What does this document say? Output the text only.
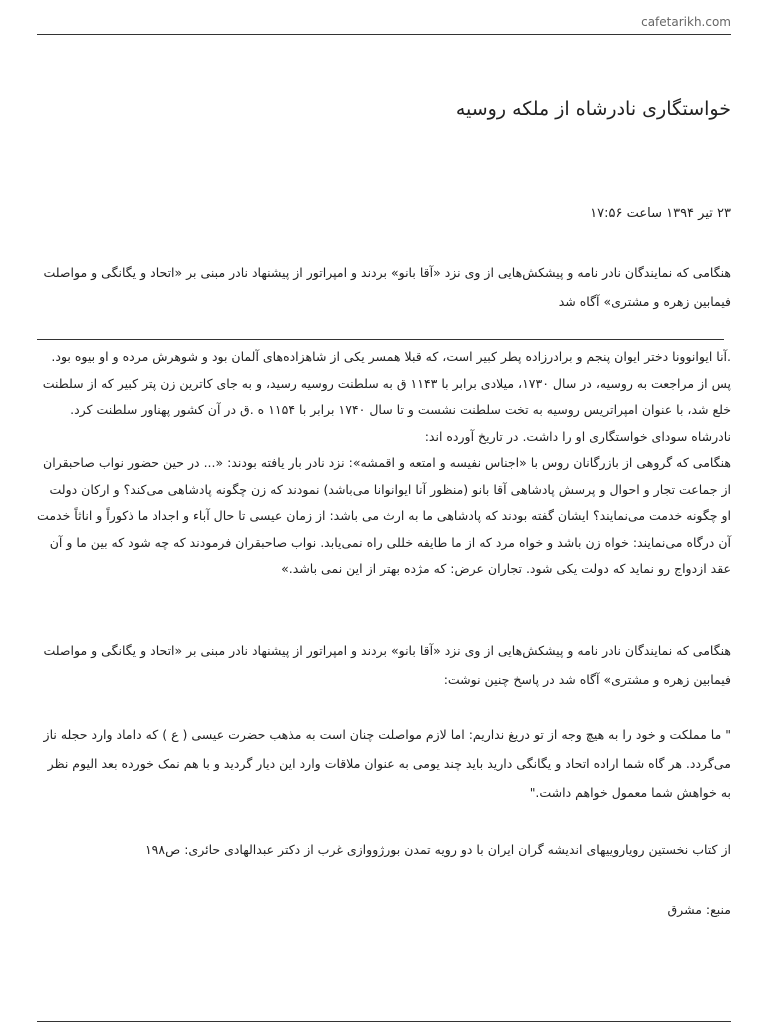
cafetarikh.com
خواستگاری نادرشاه از ملکه روسیه
۲۳ تیر ۱۳۹۴ ساعت ۱۷:۵۶

هنگامی که نمایندگان نادر نامه و پیشکش‌هایی از وی نزد «آقا بانو» بردند و امپراتور از پیشنهاد نادر مبنی بر «اتحاد و یگانگی و مواصلت فیمابین زهره و مشتری» آگاه شد

.آنا ایوانوونا دختر ایوان پنجم و برادرزاده پطر کبیر است، که قبلا همسر یکی از شاهزاده‌های آلمان بود و شوهرش مرده و او بیوه بود. پس از مراجعت به روسیه، در سال ۱۷۳۰، میلادی برابر با ۱۱۴۳ ق به سلطنت روسیه رسید، و به جای کاترین زن پتر کبیر که از سلطنت خلع شد، با عنوان امپراتریس روسیه به تخت سلطنت نشست و تا سال ۱۷۴۰ برابر با ۱۱۵۴ ه .ق در آن کشور پهناور سلطنت کرد. نادرشاه سودای خواستگاری او را داشت. در تاریخ آورده اند:

هنگامی که گروهی از بازرگانان روس با «اجناس نفیسه و امتعه و اقمشه»: نزد نادر بار یافته بودند: «... در حین حضور نواب صاحبقران از جماعت تجار و احوال و پرسش پادشاهی آقا بانو (منظور آنا ایوانوانا می‌باشد) نمودند که زن چگونه پادشاهی می‌کند؟ و ارکان دولت او چگونه خدمت می‌نمایند؟ ایشان گفته بودند که پادشاهی ما به ارث می باشد: از زمان عیسی تا حال آباء و اجداد ما ذکوراً و اناثاً خدمت آن درگاه می‌نمایند: خواه زن باشد و خواه مرد که از ما طایفه خللی راه نمی‌یابد. نواب صاحبقران فرمودند که چه شود که بین ما و آن عقد ازدواج رو نماید که دولت یکی شود. تجاران عرض: که مژده بهتر از این نمی باشد.»

هنگامی که نمایندگان نادر نامه و پیشکش‌هایی از وی نزد «آقا بانو» بردند و امپراتور از پیشنهاد نادر مبنی بر «اتحاد و یگانگی و مواصلت فیمابین زهره و مشتری» آگاه شد در پاسخ چنین نوشت:

" ما مملکت و خود را به هیچ وجه از تو دریغ نداریم: اما لازم مواصلت چنان است به مذهب حضرت عیسی ( ع ) که داماد وارد حجله ناز می‌گردد. هر گاه شما اراده اتحاد و یگانگی دارید باید چند یومی به عنوان ملاقات وارد این دیار گردید و با هم نمک خورده بعد الیوم نظر به خواهش شما معمول خواهم داشت."

از کتاب نخستین رویاروییهای اندیشه گران ایران با دو رویه تمدن بورژووازی غرب از دکتر عبدالهادی حائری: ص۱۹۸

منبع: مشرق
